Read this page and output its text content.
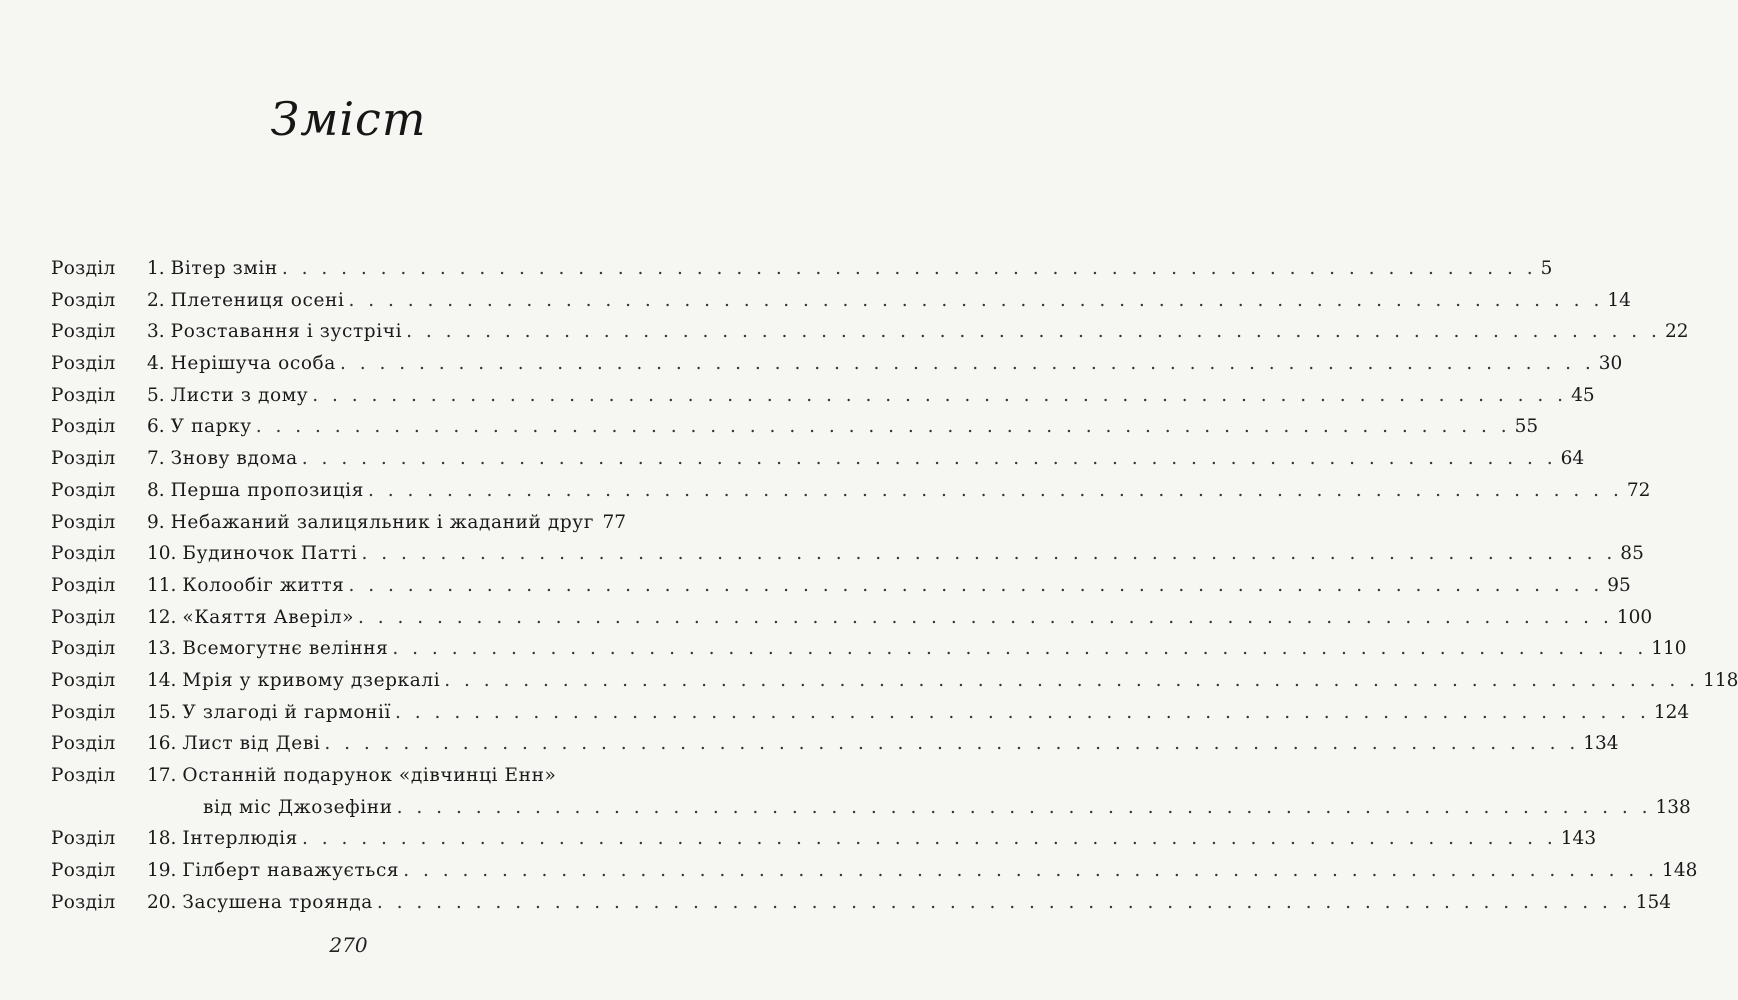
Зміст
Розділ	1. Вітер змін . . . . . . . . . . . . . . . . . . . . . . . . . . . . . . . . . . . . . . . . . . . . . . . . . . . . . . . . . . . . . . . . 5
Розділ	2. Плетениця осені . . . . . . . . . . . . . . . . . . . . . . . . . . . . . . . . . . . . . . . . . . . . . . . . . . . . . . . . . . . . . . . . 14
Розділ	3. Розставання і зустрічі . . . . . . . . . . . . . . . . . . . . . . . . . . . . . . . . . . . . . . . . . . . . . . . . . . . . . . . . . . . . . . . . 22
Розділ	4. Нерішуча особа . . . . . . . . . . . . . . . . . . . . . . . . . . . . . . . . . . . . . . . . . . . . . . . . . . . . . . . . . . . . . . . . 30
Розділ	5. Листи з дому . . . . . . . . . . . . . . . . . . . . . . . . . . . . . . . . . . . . . . . . . . . . . . . . . . . . . . . . . . . . . . . . 45
Розділ	6. У парку . . . . . . . . . . . . . . . . . . . . . . . . . . . . . . . . . . . . . . . . . . . . . . . . . . . . . . . . . . . . . . . . 55
Розділ	7. Знову вдома . . . . . . . . . . . . . . . . . . . . . . . . . . . . . . . . . . . . . . . . . . . . . . . . . . . . . . . . . . . . . . . . 64
Розділ	8. Перша пропозиція . . . . . . . . . . . . . . . . . . . . . . . . . . . . . . . . . . . . . . . . . . . . . . . . . . . . . . . . . . . . . . . . 72
Розділ	9. Небажаний залицяльник і жаданий друг 77
Розділ	10. Будиночок Патті . . . . . . . . . . . . . . . . . . . . . . . . . . . . . . . . . . . . . . . . . . . . . . . . . . . . . . . . . . . . . . . . 85
Розділ	11. Колообіг життя . . . . . . . . . . . . . . . . . . . . . . . . . . . . . . . . . . . . . . . . . . . . . . . . . . . . . . . . . . . . . . . . 95
Розділ	12. «Каяття Аверіл» . . . . . . . . . . . . . . . . . . . . . . . . . . . . . . . . . . . . . . . . . . . . . . . . . . . . . . . . . . . . . . . . 100
Розділ	13. Всемогутнє веління . . . . . . . . . . . . . . . . . . . . . . . . . . . . . . . . . . . . . . . . . . . . . . . . . . . . . . . . . . . . . . . . 110
Розділ	14. Мрія у кривому дзеркалі . . . . . . . . . . . . . . . . . . . . . . . . . . . . . . . . . . . . . . . . . . . . . . . . . . . . . . . . . . . . . . . . 118
Розділ	15. У злагоді й гармонії . . . . . . . . . . . . . . . . . . . . . . . . . . . . . . . . . . . . . . . . . . . . . . . . . . . . . . . . . . . . . . . . 124
Розділ	16. Лист від Деві . . . . . . . . . . . . . . . . . . . . . . . . . . . . . . . . . . . . . . . . . . . . . . . . . . . . . . . . . . . . . . . . 134
Розділ	17. Останній подарунок «дівчинці Енн»
від міс Джозефіни . . . . . . . . . . . . . . . . . . . . . . . . . . . . . . . . . . . . . . . . . . . . . . . . . . . . . . . . . . . . . . . . 138
Розділ	18. Інтерлюдія . . . . . . . . . . . . . . . . . . . . . . . . . . . . . . . . . . . . . . . . . . . . . . . . . . . . . . . . . . . . . . . . 143
Розділ	19. Гілберт наважується . . . . . . . . . . . . . . . . . . . . . . . . . . . . . . . . . . . . . . . . . . . . . . . . . . . . . . . . . . . . . . . . 148
Розділ	20. Засушена троянда . . . . . . . . . . . . . . . . . . . . . . . . . . . . . . . . . . . . . . . . . . . . . . . . . . . . . . . . . . . . . . . . 154
270
